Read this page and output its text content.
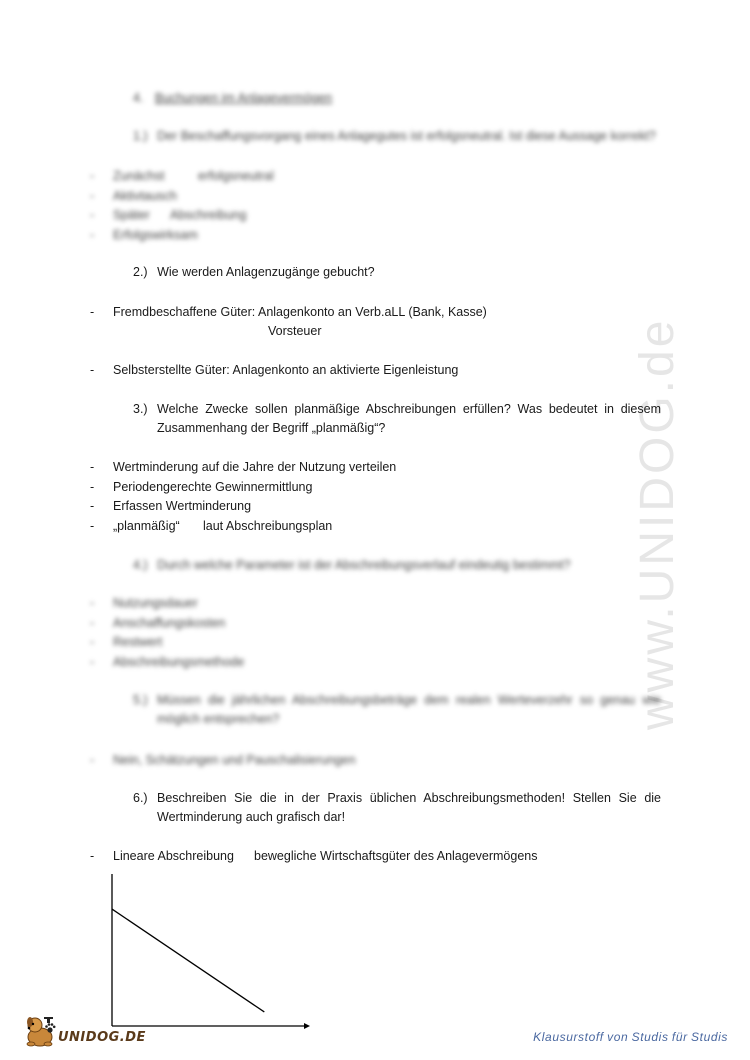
www.UNIDOG.de
4. Buchungen im Anlagevermögen
1.) Der Beschaffungsvorgang eines Anlagegutes ist erfolgsneutral. Ist diese Aussage korrekt?
- Zunächst	erfolgsneutral
- Aktivtausch
- Später Abschreibung
- Erfolgswirksam
2.) Wie werden Anlagenzugänge gebucht?
- Fremdbeschaffene Güter: Anlagenkonto an Verb.aLL (Bank, Kasse)
Vorsteuer
- Selbsterstellte Güter: Anlagenkonto an aktivierte Eigenleistung
3.) Welche Zwecke sollen planmäßige Abschreibungen erfüllen? Was bedeutet in diesem
Zusammenhang der Begriff „planmäßig“?
- Wertminderung auf die Jahre der Nutzung verteilen
- Periodengerechte Gewinnermittlung
- Erfassen Wertminderung
- „planmäßig“ laut Abschreibungsplan
4.) Durch welche Parameter ist der Abschreibungsverlauf eindeutig bestimmt?
- Nutzungsdauer
- Anschaffungskosten
- Restwert
- Abschreibungsmethode
5.) Müssen die jährlichen Abschreibungsbeträge dem realen Werteverzehr so genau wie
möglich entsprechen?
- Nein, Schätzungen und Pauschalisierungen
6.) Beschreiben Sie die in der Praxis üblichen Abschreibungsmethoden! Stellen Sie die
Wertminderung auch grafisch dar!
- Lineare Abschreibung bewegliche Wirtschaftsgüter des Anlagevermögens
UNIDOG.DE	Klausurstoff von Studis für Studis
